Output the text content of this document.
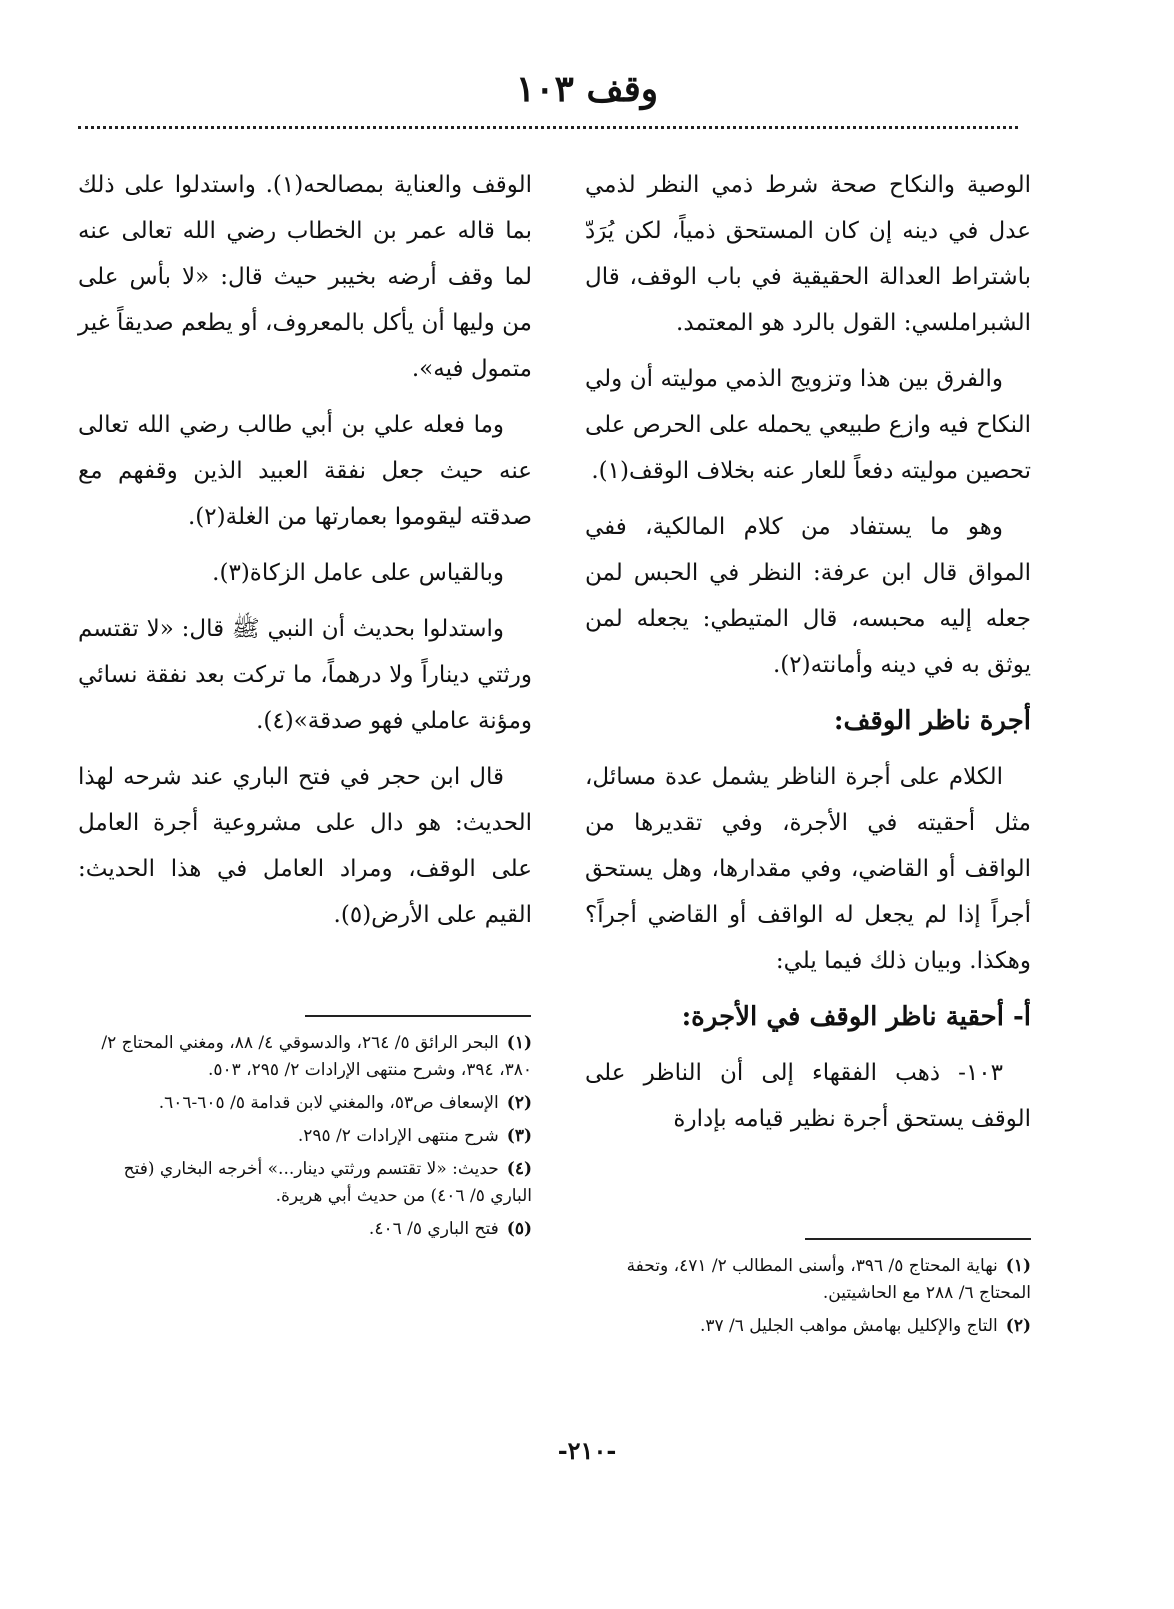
وقف ١٠٣

الوصية والنكاح صحة شرط ذمي النظر لذمي عدل في دينه إن كان المستحق ذمياً، لكن يُرَدّ باشتراط العدالة الحقيقية في باب الوقف، قال الشبراملسي: القول بالرد هو المعتمد.

والفرق بين هذا وتزويج الذمي موليته أن ولي النكاح فيه وازع طبيعي يحمله على الحرص على تحصين موليته دفعاً للعار عنه بخلاف الوقف(١).

وهو ما يستفاد من كلام المالكية، ففي المواق قال ابن عرفة: النظر في الحبس لمن جعله إليه محبسه، قال المتيطي: يجعله لمن يوثق به في دينه وأمانته(٢).

أجرة ناظر الوقف:

الكلام على أجرة الناظر يشمل عدة مسائل، مثل أحقيته في الأجرة، وفي تقديرها من الواقف أو القاضي، وفي مقدارها، وهل يستحق أجراً إذا لم يجعل له الواقف أو القاضي أجراً؟ وهكذا. وبيان ذلك فيما يلي:

أ- أحقية ناظر الوقف في الأجرة:

١٠٣- ذهب الفقهاء إلى أن الناظر على الوقف يستحق أجرة نظير قيامه بإدارة

الوقف والعناية بمصالحه(١). واستدلوا على ذلك بما قاله عمر بن الخطاب رضي الله تعالى عنه لما وقف أرضه بخيبر حيث قال: «لا بأس على من وليها أن يأكل بالمعروف، أو يطعم صديقاً غير متمول فيه».

وما فعله علي بن أبي طالب رضي الله تعالى عنه حيث جعل نفقة العبيد الذين وقفهم مع صدقته ليقوموا بعمارتها من الغلة(٢).

وبالقياس على عامل الزكاة(٣).

واستدلوا بحديث أن النبي ﷺ قال: «لا تقتسم ورثتي ديناراً ولا درهماً، ما تركت بعد نفقة نسائي ومؤنة عاملي فهو صدقة»(٤).

قال ابن حجر في فتح الباري عند شرحه لهذا الحديث: هو دال على مشروعية أجرة العامل على الوقف، ومراد العامل في هذا الحديث: القيم على الأرض(٥).

(١)البحر الرائق ٥/ ٢٦٤، والدسوقي ٤/ ٨٨، ومغني المحتاج ٢/ ٣٨٠، ٣٩٤، وشرح منتهى الإرادات ٢/ ٢٩٥، ٥٠٣.
(٢)الإسعاف ص٥٣، والمغني لابن قدامة ٥/ ٦٠٥-٦٠٦.
(٣)شرح منتهى الإرادات ٢/ ٢٩٥.
(٤)حديث: «لا تقتسم ورثتي دينار...» أخرجه البخاري (فتح الباري ٥/ ٤٠٦) من حديث أبي هريرة.
(٥)فتح الباري ٥/ ٤٠٦.
(١)نهاية المحتاج ٥/ ٣٩٦، وأسنى المطالب ٢/ ٤٧١، وتحفة المحتاج ٦/ ٢٨٨ مع الحاشيتين.
(٢)التاج والإكليل بهامش مواهب الجليل ٦/ ٣٧.
-٢١٠-
